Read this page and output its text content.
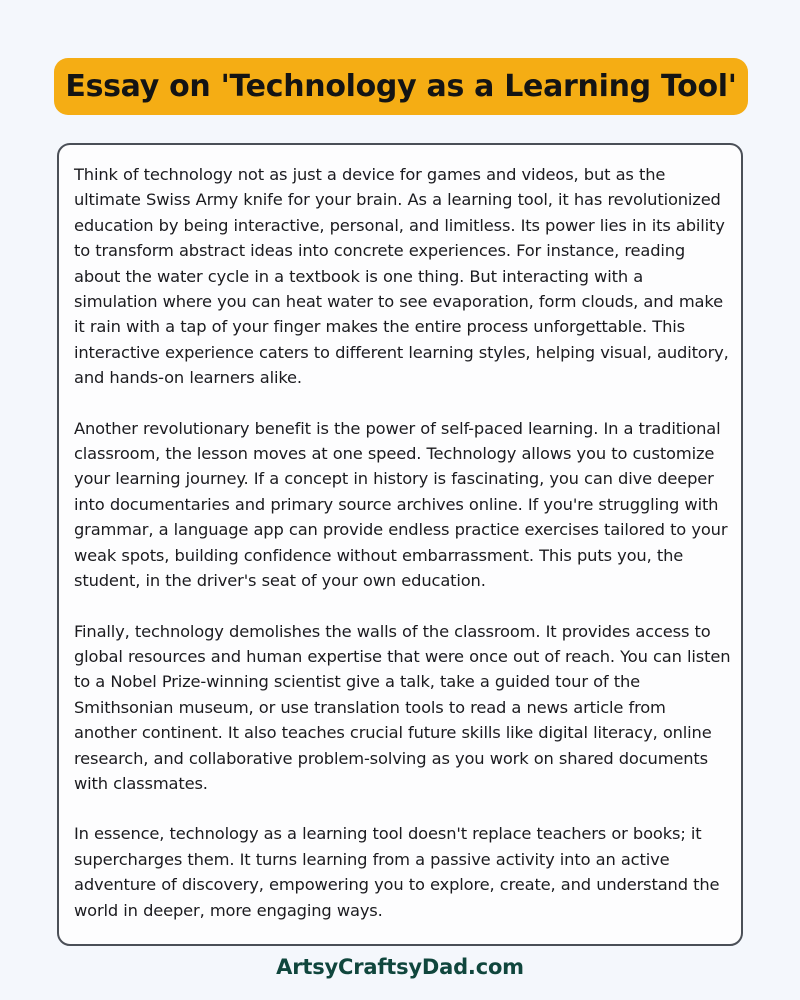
Essay on 'Technology as a Learning Tool'

Think of technology not as just a device for games and videos, but as the ultimate Swiss Army knife for your brain. As a learning tool, it has revolutionized education by being interactive, personal, and limitless. Its power lies in its ability to transform abstract ideas into concrete experiences. For instance, reading about the water cycle in a textbook is one thing. But interacting with a simulation where you can heat water to see evaporation, form clouds, and make it rain with a tap of your finger makes the entire process unforgettable. This interactive experience caters to different learning styles, helping visual, auditory, and hands-on learners alike.

Another revolutionary benefit is the power of self-paced learning. In a traditional classroom, the lesson moves at one speed. Technology allows you to customize your learning journey. If a concept in history is fascinating, you can dive deeper into documentaries and primary source archives online. If you're struggling with grammar, a language app can provide endless practice exercises tailored to your weak spots, building confidence without embarrassment. This puts you, the student, in the driver's seat of your own education.

Finally, technology demolishes the walls of the classroom. It provides access to global resources and human expertise that were once out of reach. You can listen to a Nobel Prize-winning scientist give a talk, take a guided tour of the Smithsonian museum, or use translation tools to read a news article from another continent. It also teaches crucial future skills like digital literacy, online research, and collaborative problem-solving as you work on shared documents with classmates.

In essence, technology as a learning tool doesn't replace teachers or books; it supercharges them. It turns learning from a passive activity into an active adventure of discovery, empowering you to explore, create, and understand the world in deeper, more engaging ways.

ArtsyCraftsyDad.com
